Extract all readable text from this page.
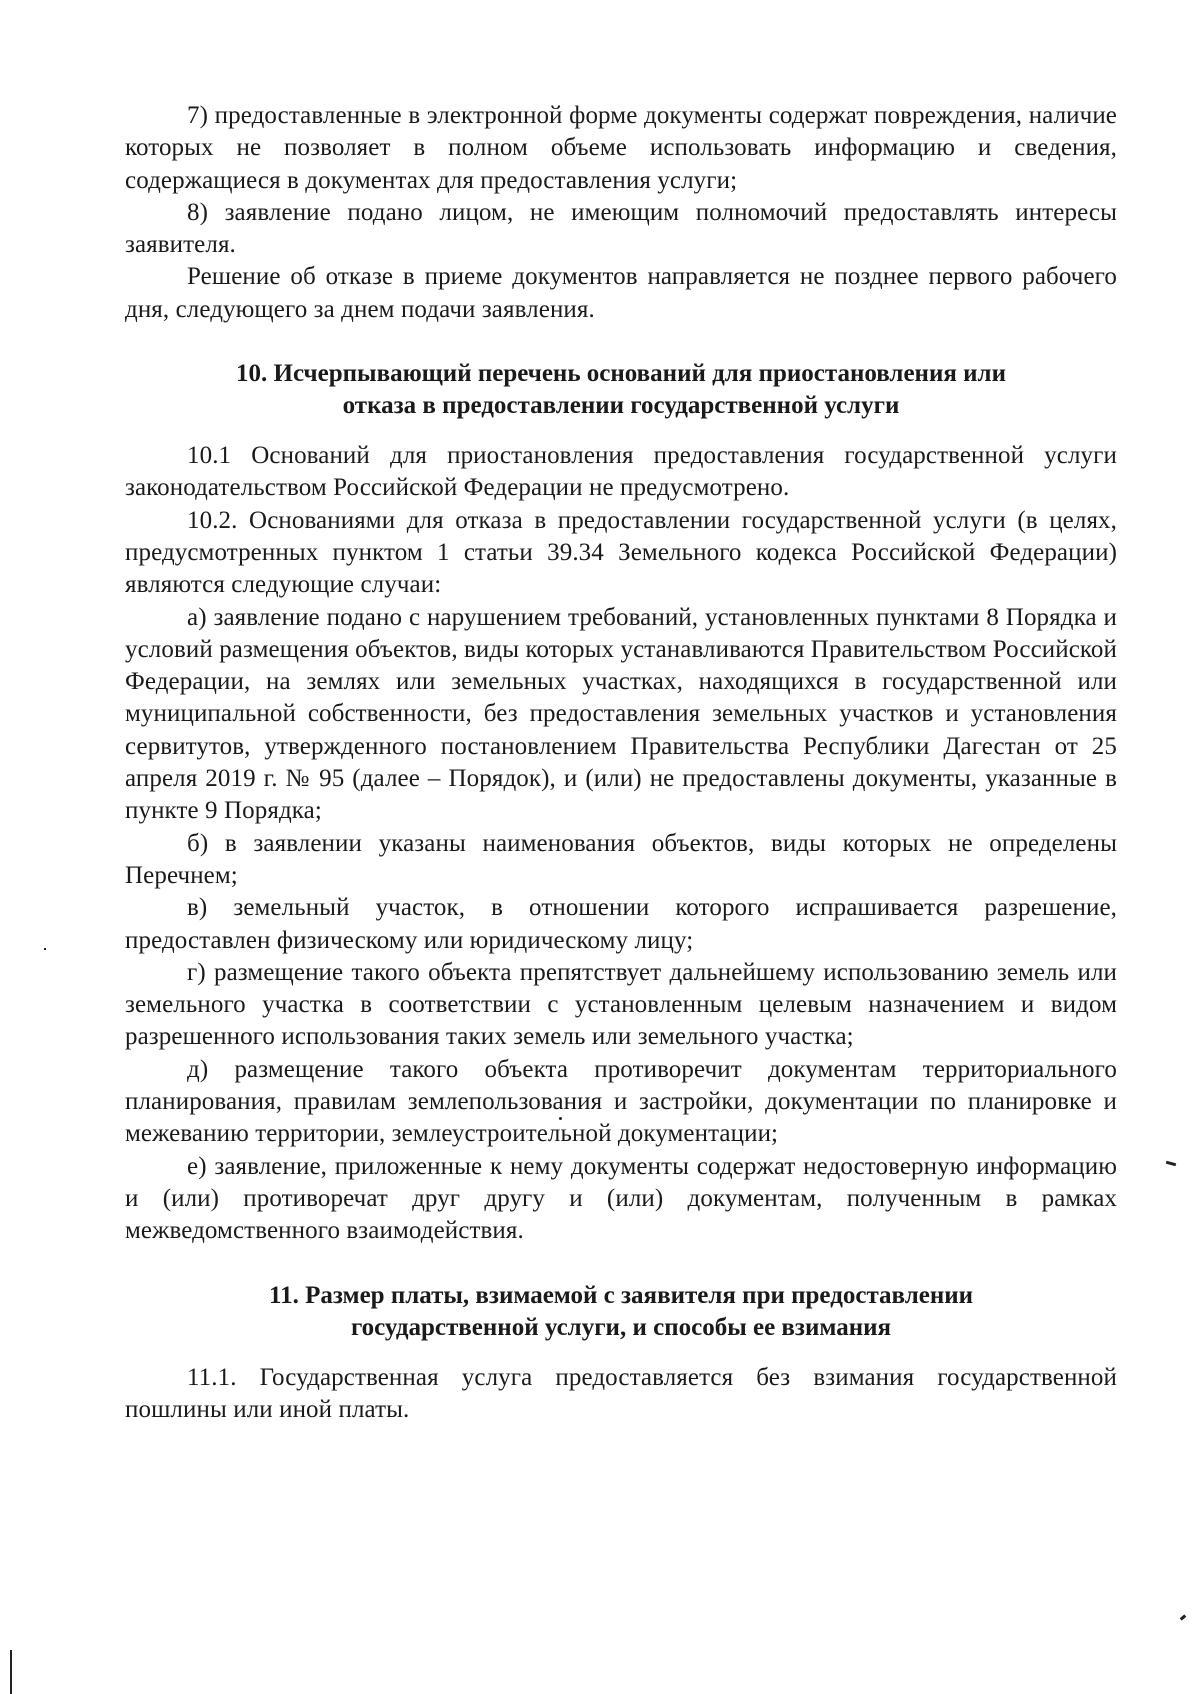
7) предоставленные в электронной форме документы содержат повреждения, наличие которых не позволяет в полном объеме использовать информацию и сведения, содержащиеся в документах для предоставления услуги;

8) заявление подано лицом, не имеющим полномочий предоставлять интересы заявителя.

Решение об отказе в приеме документов направляется не позднее первого рабочего дня, следующего за днем подачи заявления.

10. Исчерпывающий перечень оснований для приостановления или

отказа в предоставлении государственной услуги

10.1 Оснований для приостановления предоставления государственной услуги законодательством Российской Федерации не предусмотрено.

10.2. Основаниями для отказа в предоставлении государственной услуги (в целях, предусмотренных пунктом 1 статьи 39.34 Земельного кодекса Российской Федерации) являются следующие случаи:

а) заявление подано с нарушением требований, установленных пунктами 8 Порядка и условий размещения объектов, виды которых устанавливаются Правительством Российской Федерации, на землях или земельных участках, находящихся в государственной или муниципальной собственности, без предоставления земельных участков и установления сервитутов, утвержденного постановлением Правительства Республики Дагестан от 25 апреля 2019 г. № 95 (далее – Порядок), и (или) не предоставлены документы, указанные в пункте 9 Порядка;

б) в заявлении указаны наименования объектов, виды которых не определены Перечнем;

в) земельный участок, в отношении которого испрашивается разрешение, предоставлен физическому или юридическому лицу;

г) размещение такого объекта препятствует дальнейшему использованию земель или земельного участка в соответствии с установленным целевым назначением и видом разрешенного использования таких земель или земельного участка;

д) размещение такого объекта противоречит документам территориального планирования, правилам землепользования и застройки, документации по планировке и межеванию территории, землеустроительной документации;

е) заявление, приложенные к нему документы содержат недостоверную информацию и (или) противоречат друг другу и (или) документам, полученным в рамках межведомственного взаимодействия.

11. Размер платы, взимаемой с заявителя при предоставлении

государственной услуги, и способы ее взимания

11.1. Государственная услуга предоставляется без взимания государственной пошлины или иной платы.
